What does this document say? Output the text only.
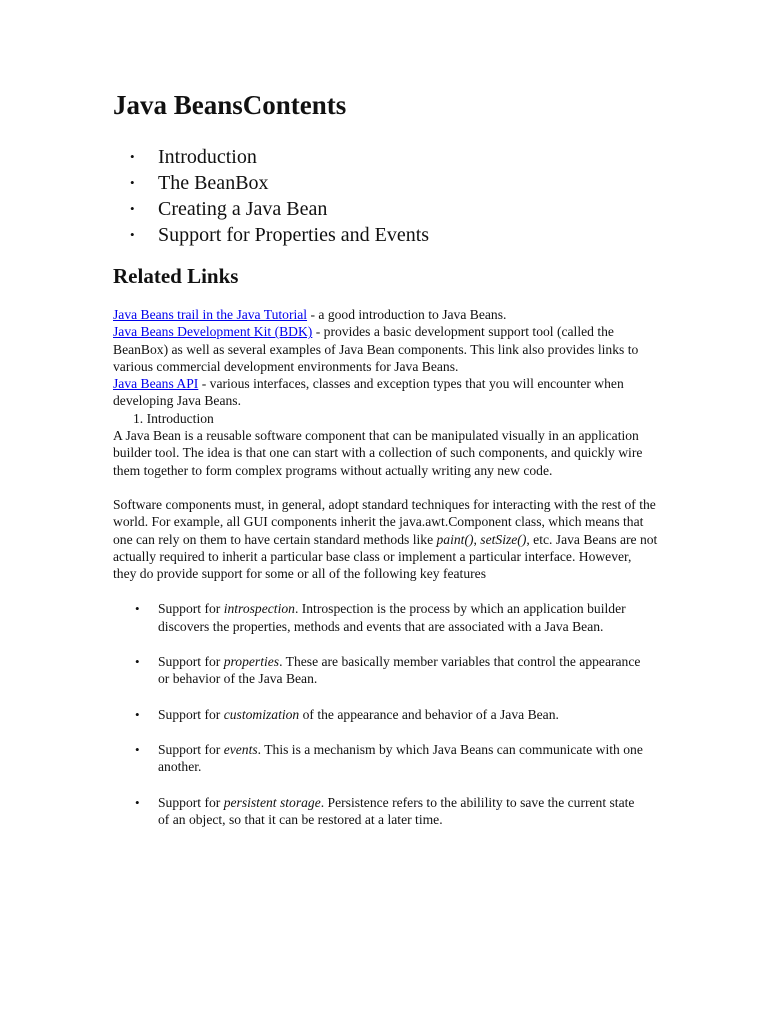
Java BeansContents
• Introduction
• The BeanBox
• Creating a Java Bean
• Support for Properties and Events
Related Links

Java Beans trail in the Java Tutorial - a good introduction to Java Beans.

Java Beans Development Kit (BDK) - provides a basic development support tool (called the BeanBox) as well as several examples of Java Bean components. This link also provides links to various commercial development environments for Java Beans.

Java Beans API - various interfaces, classes and exception types that you will encounter when developing Java Beans.

1. Introduction

A Java Bean is a reusable software component that can be manipulated visually in an application builder tool. The idea is that one can start with a collection of such components, and quickly wire them together to form complex programs without actually writing any new code.

Software components must, in general, adopt standard techniques for interacting with the rest of the world. For example, all GUI components inherit the java.awt.Component class, which means that one can rely on them to have certain standard methods like paint(), setSize(), etc. Java Beans are not actually required to inherit a particular base class or implement a particular interface. However, they do provide support for some or all of the following key features

• Support for introspection. Introspection is the process by which an application builder discovers the properties, methods and events that are associated with a Java Bean.
• Support for properties. These are basically member variables that control the appearance or behavior of the Java Bean.
• Support for customization of the appearance and behavior of a Java Bean.
• Support for events. This is a mechanism by which Java Beans can communicate with one another.
• Support for persistent storage. Persistence refers to the abilility to save the current state of an object, so that it can be restored at a later time.
